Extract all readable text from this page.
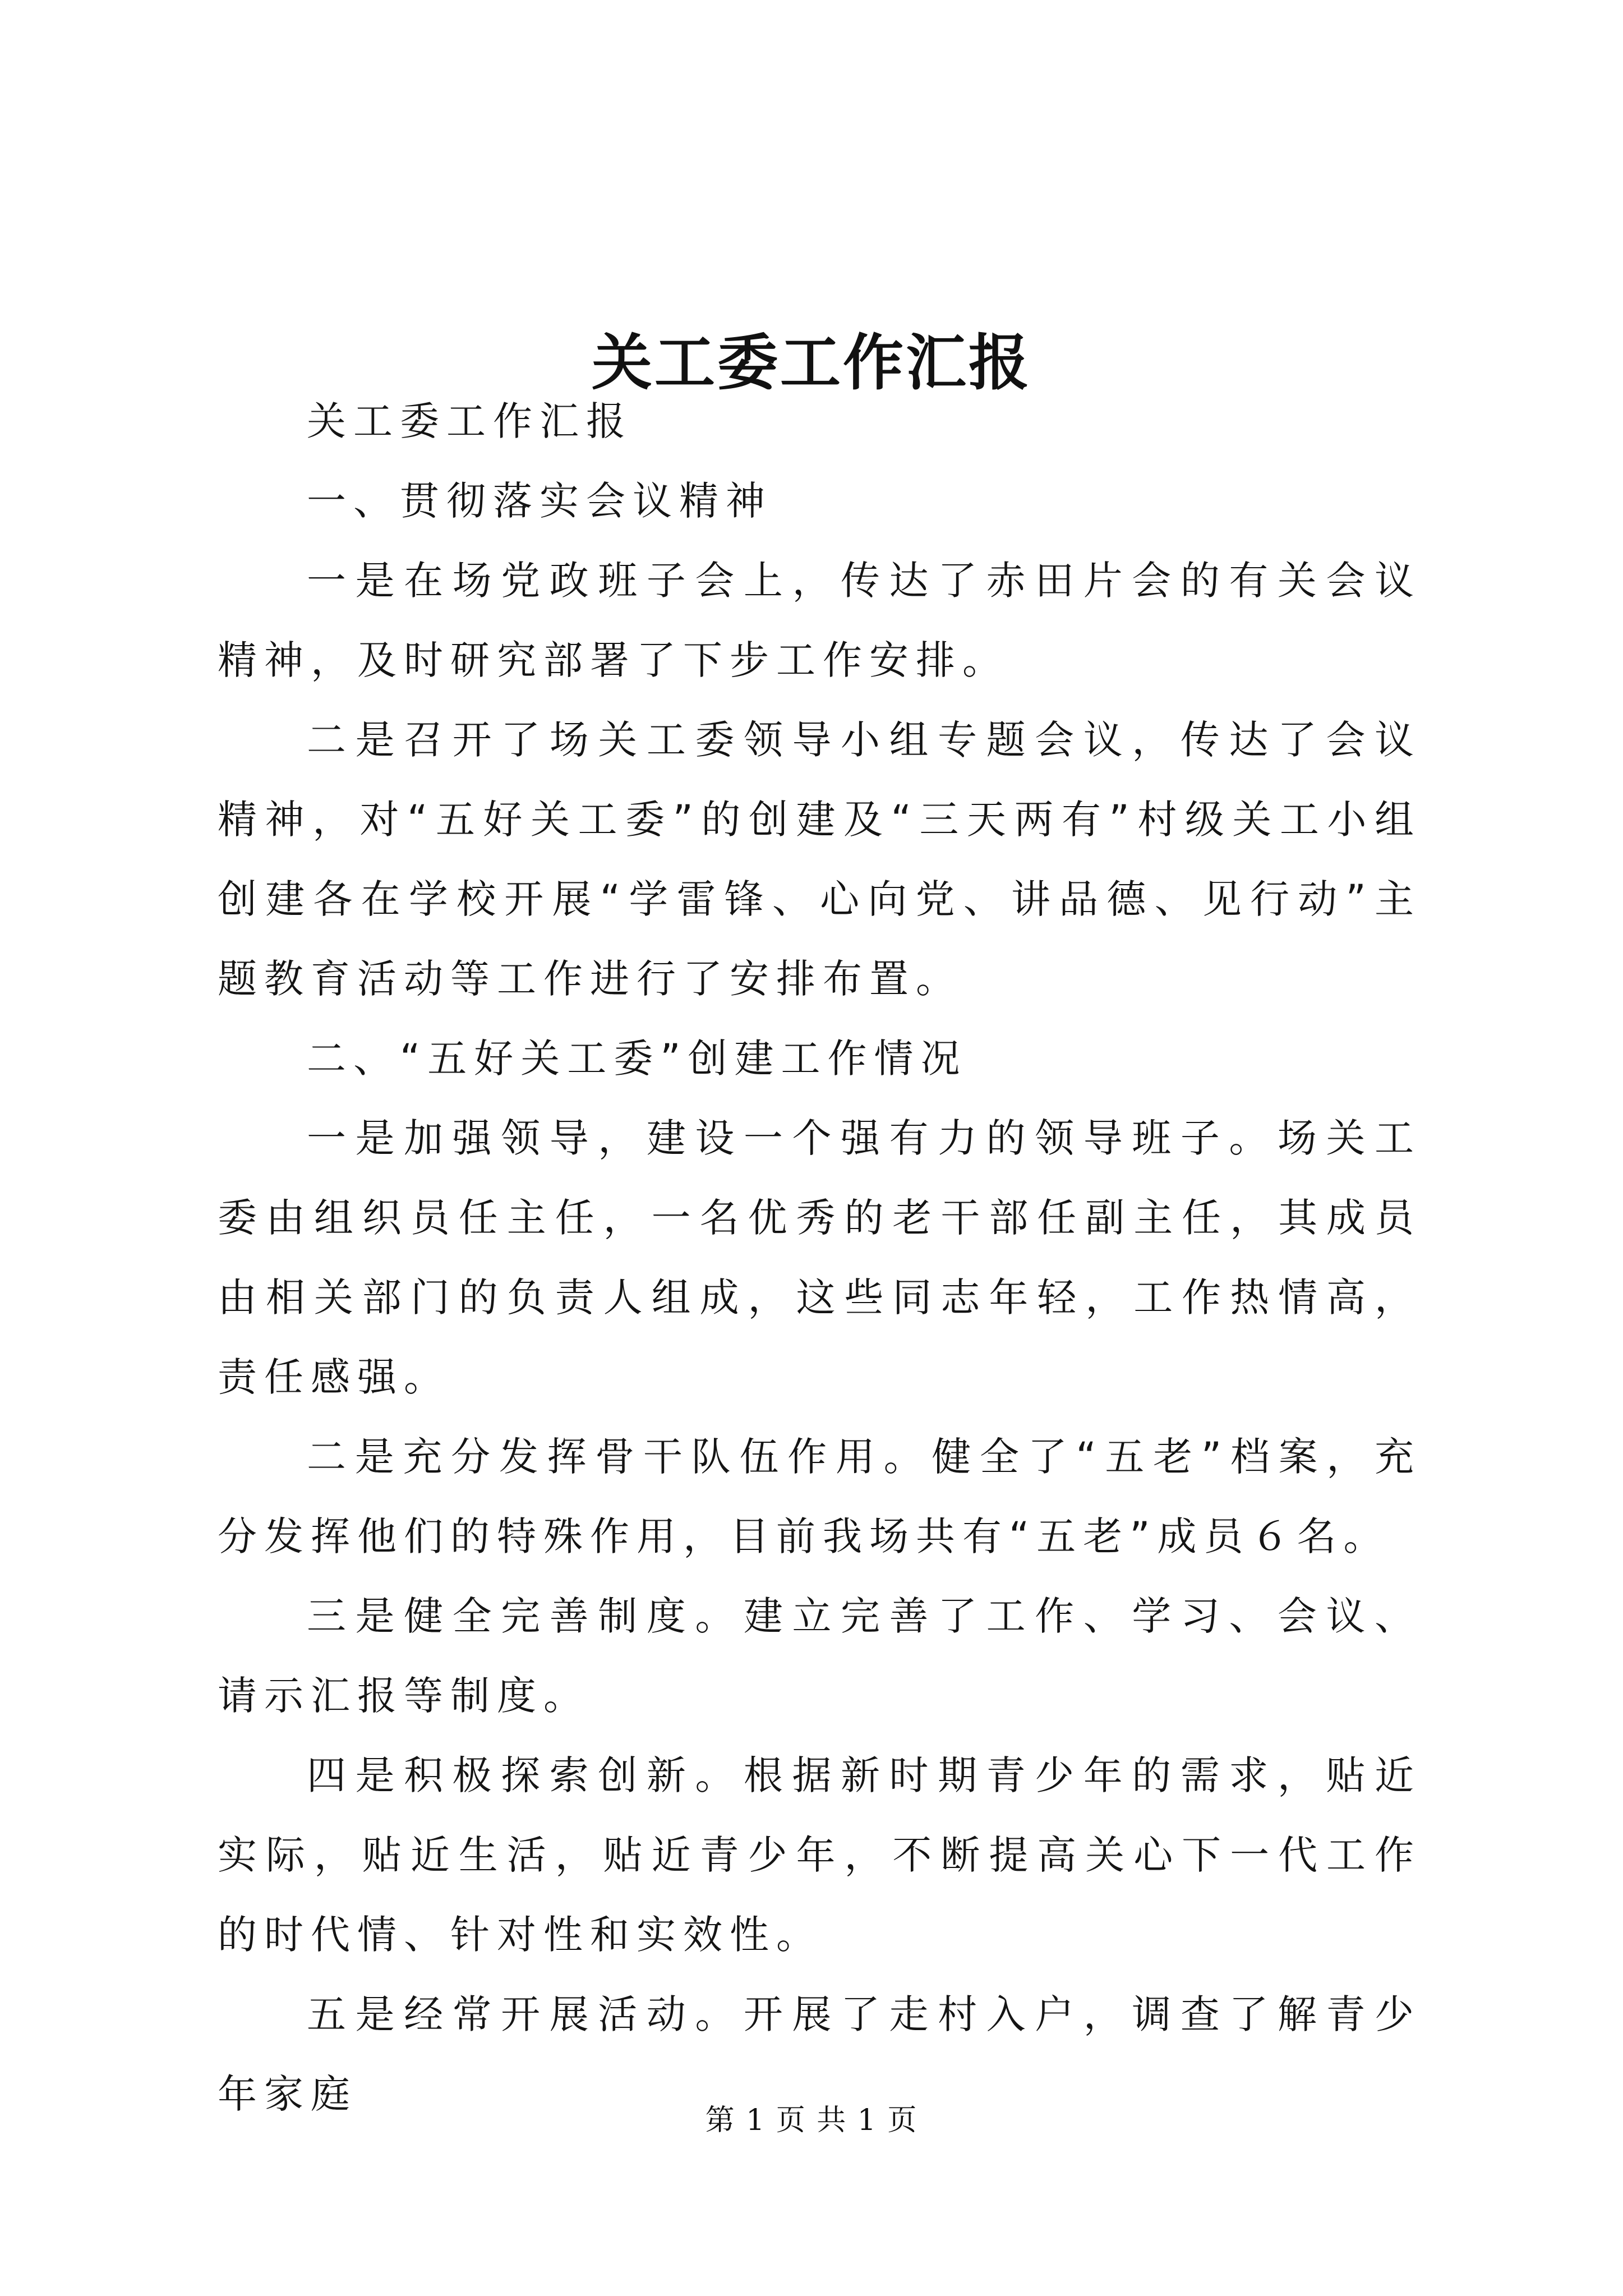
关工委工作汇报

关工委工作汇报

一、贯彻落实会议精神

一是在场党政班子会上，传达了赤田片会的有关会议精神，及时研究部署了下步工作安排。

二是召开了场关工委领导小组专题会议，传达了会议精神，对“五好关工委”的创建及“三天两有”村级关工小组创建各在学校开展“学雷锋、心向党、讲品德、见行动”主题教育活动等工作进行了安排布置。

二、“五好关工委”创建工作情况

一是加强领导，建设一个强有力的领导班子。场关工委由组织员任主任，一名优秀的老干部任副主任，其成员由相关部门的负责人组成，这些同志年轻，工作热情高，责任感强。

二是充分发挥骨干队伍作用。健全了“五老”档案，充分发挥他们的特殊作用，目前我场共有“五老”成员６名。

三是健全完善制度。建立完善了工作、学习、会议、请示汇报等制度。

四是积极探索创新。根据新时期青少年的需求，贴近实际，贴近生活，贴近青少年，不断提高关心下一代工作的时代情、针对性和实效性。

五是经常开展活动。开展了走村入户，调查了解青少年家庭

第 1 页 共 1 页
